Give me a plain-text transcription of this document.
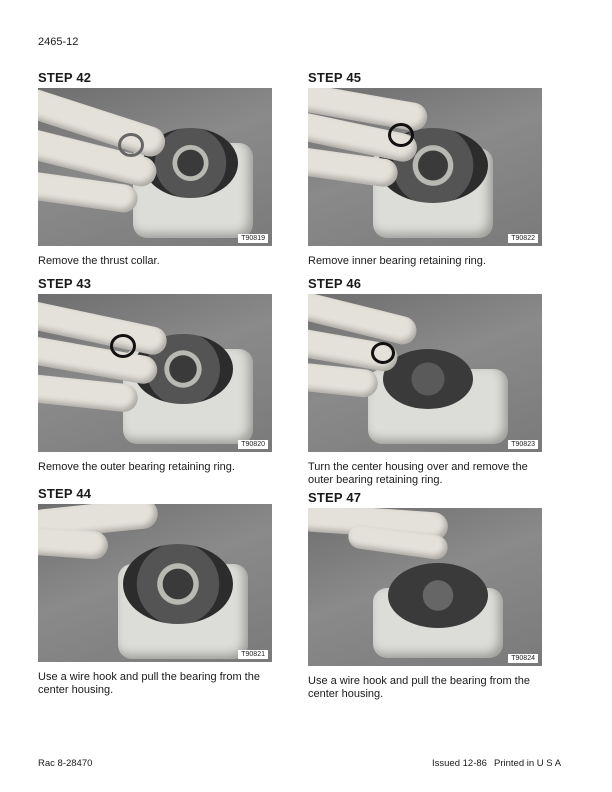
2465-12
STEP 42
T90819
Remove the thrust collar.
STEP 43
T90820
Remove the outer bearing retaining ring.
STEP 44
T90821
Use a wire hook and pull the bearing from the center housing.
STEP 45
T90822
Remove inner bearing retaining ring.
STEP 46
T90823
Turn the center housing over and remove the outer bearing retaining ring.
STEP 47
T90824
Use a wire hook and pull the bearing from the center housing.
Rac 8-28470	Issued 12-86 Printed in U S A
